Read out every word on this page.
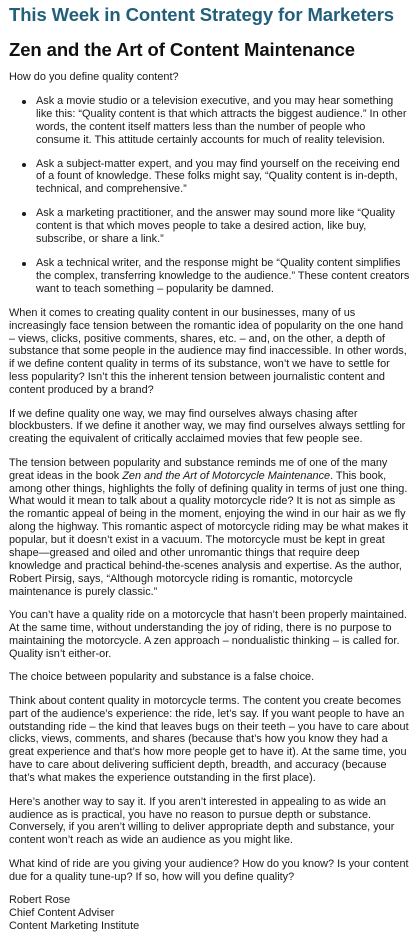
This Week in Content Strategy for Marketers
Zen and the Art of Content Maintenance

How do you define quality content?

Ask a movie studio or a television executive, and you may hear something like this: “Quality content is that which attracts the biggest audience.” In other words, the content itself matters less than the number of people who consume it. This attitude certainly accounts for much of reality television.
Ask a subject-matter expert, and you may find yourself on the receiving end of a fount of knowledge. These folks might say, “Quality content is in-depth, technical, and comprehensive.”
Ask a marketing practitioner, and the answer may sound more like “Quality content is that which moves people to take a desired action, like buy, subscribe, or share a link.”
Ask a technical writer, and the response might be “Quality content simplifies the complex, transferring knowledge to the audience.” These content creators want to teach something – popularity be damned.

When it comes to creating quality content in our businesses, many of us increasingly face tension between the romantic idea of popularity on the one hand – views, clicks, positive comments, shares, etc. – and, on the other, a depth of substance that some people in the audience may find inaccessible. In other words, if we define content quality in terms of its substance, won’t we have to settle for less popularity? Isn’t this the inherent tension between journalistic content and content produced by a brand?

If we define quality one way, we may find ourselves always chasing after blockbusters. If we define it another way, we may find ourselves always settling for creating the equivalent of critically acclaimed movies that few people see.

The tension between popularity and substance reminds me of one of the many great ideas in the book Zen and the Art of Motorcycle Maintenance. This book, among other things, highlights the folly of defining quality in terms of just one thing. What would it mean to talk about a quality motorcycle ride? It is not as simple as the romantic appeal of being in the moment, enjoying the wind in our hair as we fly along the highway. This romantic aspect of motorcycle riding may be what makes it popular, but it doesn’t exist in a vacuum. The motorcycle must be kept in great shape—greased and oiled and other unromantic things that require deep knowledge and practical behind-the-scenes analysis and expertise. As the author, Robert Pirsig, says, “Although motorcycle riding is romantic, motorcycle maintenance is purely classic.”

You can’t have a quality ride on a motorcycle that hasn’t been properly maintained. At the same time, without understanding the joy of riding, there is no purpose to maintaining the motorcycle. A zen approach – nondualistic thinking – is called for. Quality isn’t either-or.

The choice between popularity and substance is a false choice.

Think about content quality in motorcycle terms. The content you create becomes part of the audience’s experience: the ride, let’s say. If you want people to have an outstanding ride – the kind that leaves bugs on their teeth – you have to care about clicks, views, comments, and shares (because that’s how you know they had a great experience and that’s how more people get to have it). At the same time, you have to care about delivering sufficient depth, breadth, and accuracy (because that’s what makes the experience outstanding in the first place).

Here’s another way to say it. If you aren’t interested in appealing to as wide an audience as is practical, you have no reason to pursue depth or substance. Conversely, if you aren’t willing to deliver appropriate depth and substance, your content won’t reach as wide an audience as you might like.

What kind of ride are you giving your audience? How do you know? Is your content due for a quality tune-up? If so, how will you define quality?

Robert Rose
Chief Content Adviser
Content Marketing Institute
